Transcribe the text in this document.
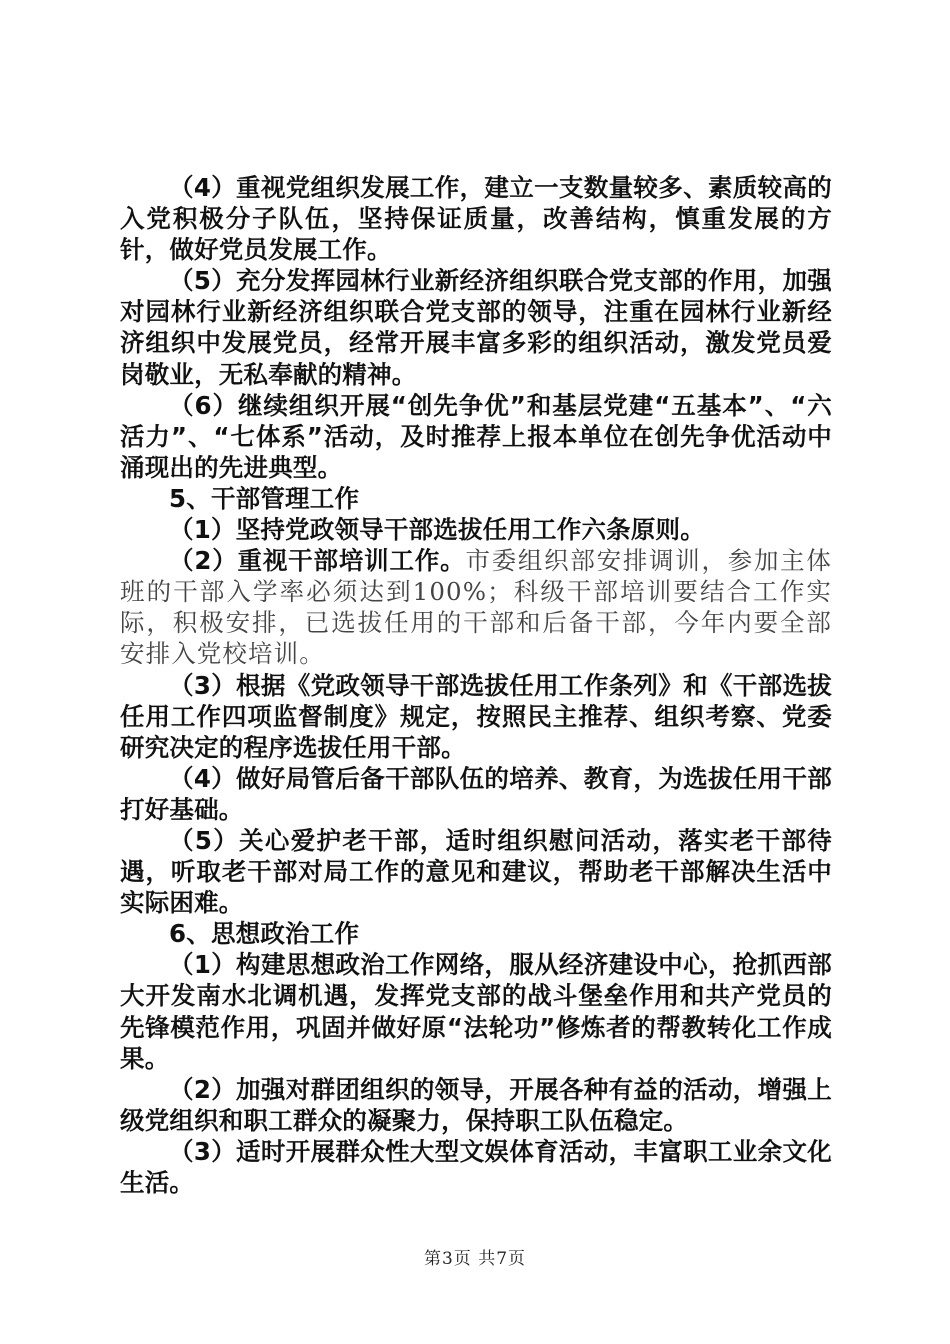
（4）重视党组织发展工作，建立一支数量较多、素质较高的入党积极分子队伍，坚持保证质量，改善结构，慎重发展的方针，做好党员发展工作。

（5）充分发挥园林行业新经济组织联合党支部的作用，加强对园林行业新经济组织联合党支部的领导，注重在园林行业新经济组织中发展党员，经常开展丰富多彩的组织活动，激发党员爱岗敬业，无私奉献的精神。

（6）继续组织开展“创先争优”和基层党建“五基本”、“六活力”、“七体系”活动，及时推荐上报本单位在创先争优活动中涌现出的先进典型。

5、干部管理工作

（1）坚持党政领导干部选拔任用工作六条原则。

（2）重视干部培训工作。市委组织部安排调训，参加主体班的干部入学率必须达到100%；科级干部培训要结合工作实际，积极安排，已选拔任用的干部和后备干部，今年内要全部安排入党校培训。

（3）根据《党政领导干部选拔任用工作条列》和《干部选拔任用工作四项监督制度》规定，按照民主推荐、组织考察、党委研究决定的程序选拔任用干部。

（4）做好局管后备干部队伍的培养、教育，为选拔任用干部打好基础。

（5）关心爱护老干部，适时组织慰问活动，落实老干部待遇，听取老干部对局工作的意见和建议，帮助老干部解决生活中实际困难。

6、思想政治工作

（1）构建思想政治工作网络，服从经济建设中心，抢抓西部大开发南水北调机遇，发挥党支部的战斗堡垒作用和共产党员的先锋模范作用，巩固并做好原“法轮功”修炼者的帮教转化工作成果。

（2）加强对群团组织的领导，开展各种有益的活动，增强上级党组织和职工群众的凝聚力，保持职工队伍稳定。

（3）适时开展群众性大型文娱体育活动，丰富职工业余文化生活。

第3页 共7页
